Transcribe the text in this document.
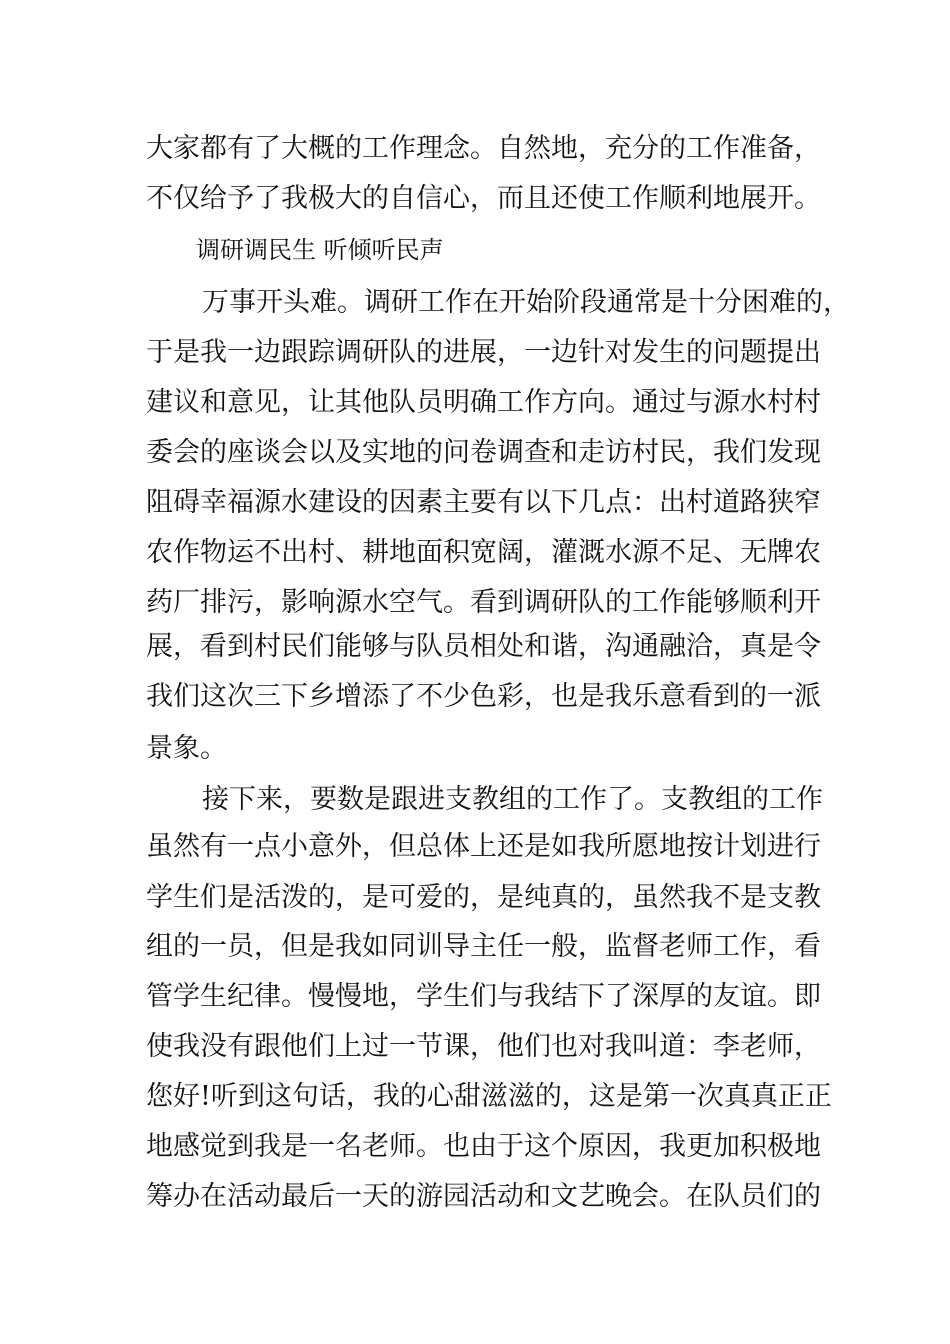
大家都有了大概的工作理念。自然地，充分的工作准备，
不仅给予了我极大的自信心，而且还使工作顺利地展开。
调研调民生 听倾听民声
万事开头难。调研工作在开始阶段通常是十分困难的，
于是我一边跟踪调研队的进展，一边针对发生的问题提出
建议和意见，让其他队员明确工作方向。通过与源水村村
委会的座谈会以及实地的问卷调查和走访村民，我们发现
阻碍幸福源水建设的因素主要有以下几点：出村道路狭窄
农作物运不出村、耕地面积宽阔，灌溉水源不足、无牌农
药厂排污，影响源水空气。看到调研队的工作能够顺利开
展，看到村民们能够与队员相处和谐，沟通融洽，真是令
我们这次三下乡增添了不少色彩，也是我乐意看到的一派
景象。
接下来，要数是跟进支教组的工作了。支教组的工作
虽然有一点小意外，但总体上还是如我所愿地按计划进行
学生们是活泼的，是可爱的，是纯真的，虽然我不是支教
组的一员，但是我如同训导主任一般，监督老师工作，看
管学生纪律。慢慢地，学生们与我结下了深厚的友谊。即
使我没有跟他们上过一节课，他们也对我叫道：李老师，
您好!听到这句话，我的心甜滋滋的，这是第一次真真正正
地感觉到我是一名老师。也由于这个原因，我更加积极地
筹办在活动最后一天的游园活动和文艺晚会。在队员们的
